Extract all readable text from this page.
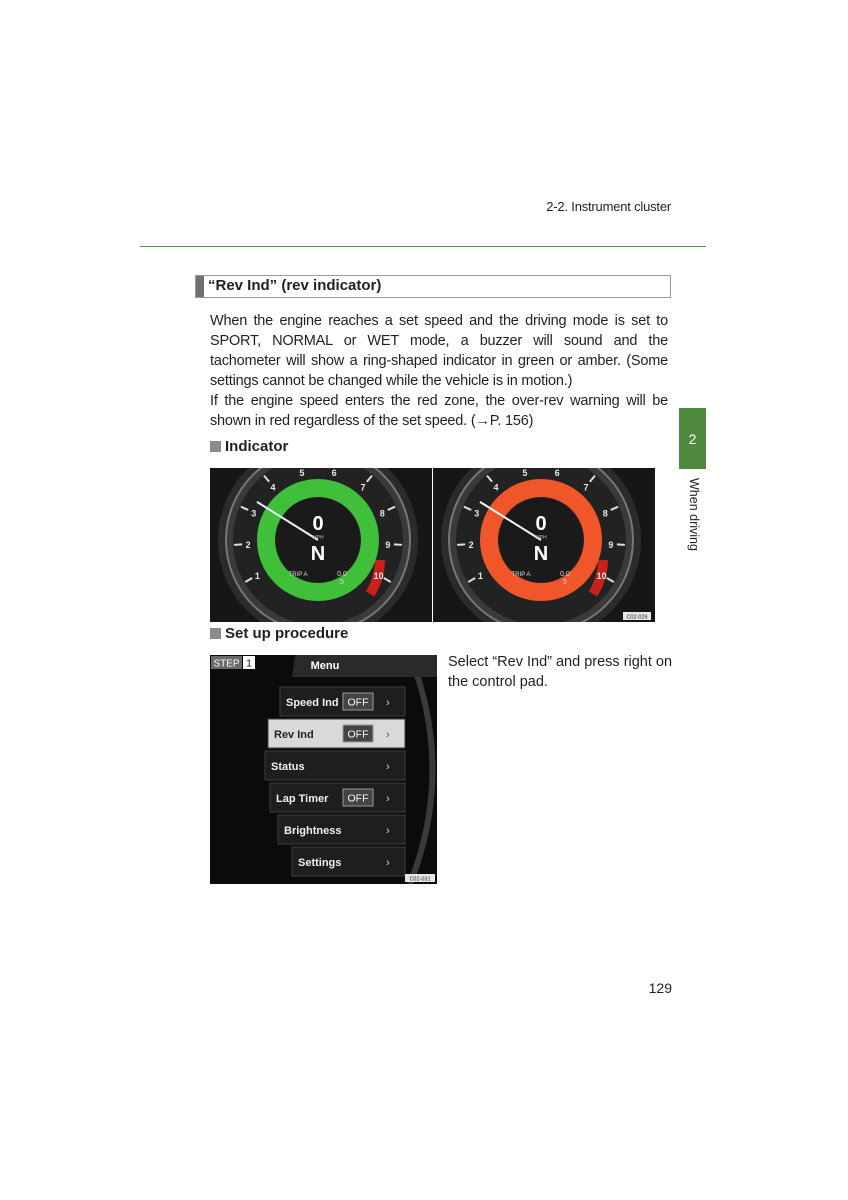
2-2. Instrument cluster
2
When driving
“Rev Ind” (rev indicator)

When the engine reaches a set speed and the driving mode is set to SPORT, NORMAL or WET mode, a buzzer will sound and the tachometer will show a ring-shaped indicator in green or amber. (Some settings cannot be changed while the vehicle is in motion.)

If the engine speed enters the red zone, the over-rev warning will be shown in red regardless of the set speed. (→P. 156)

Indicator
1
2
3
4
5	6
7
8
9
10
0
MPH
N
TRIP A	0.0
5
1
2
3
4
5	6
7
8
9
10
0
MPH
N
TRIP A	0.0
5
C02-026
Set up procedure
STEP 1	Menu
Speed Ind OFF ›
Rev Ind	OFF ›
Status	›
Lap Timer OFF ›
Brightness	›
Settings	›
C02-031
Select “Rev Ind” and press right on the control pad.
129
